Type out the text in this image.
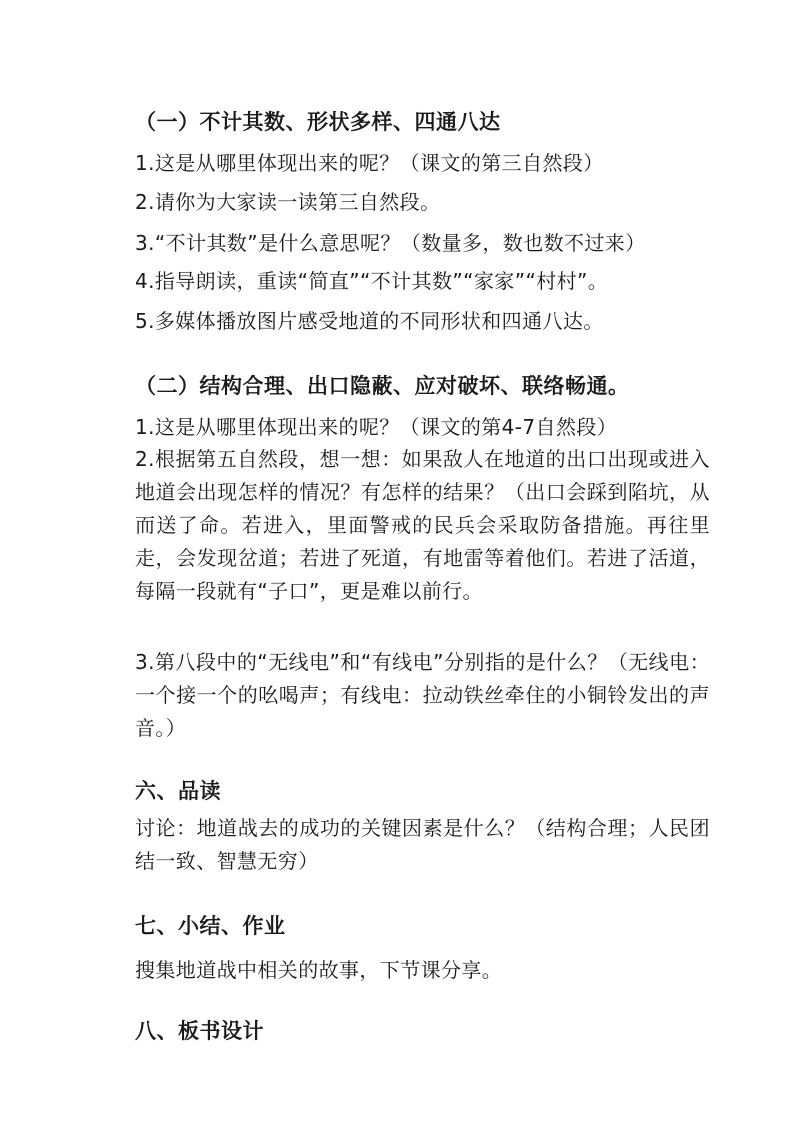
（一）不计其数、形状多样、四通八达
1.这是从哪里体现出来的呢？（课文的第三自然段）
2.请你为大家读一读第三自然段。
3.“不计其数”是什么意思呢？（数量多，数也数不过来）
4.指导朗读，重读“简直”“不计其数”“家家”“村村”。
5.多媒体播放图片感受地道的不同形状和四通八达。
（二）结构合理、出口隐蔽、应对破坏、联络畅通。
1.这是从哪里体现出来的呢？（课文的第4-7自然段）
2.根据第五自然段，想一想：如果敌人在地道的出口出现或进入地道会出现怎样的情况？有怎样的结果？（出口会踩到陷坑，从而送了命。若进入，里面警戒的民兵会采取防备措施。再往里走，会发现岔道；若进了死道，有地雷等着他们。若进了活道，每隔一段就有“子口”，更是难以前行。
3.第八段中的“无线电”和“有线电”分别指的是什么？（无线电：一个接一个的吆喝声；有线电：拉动铁丝牵住的小铜铃发出的声音。）
六、品读
讨论：地道战去的成功的关键因素是什么？（结构合理；人民团结一致、智慧无穷）
七、小结、作业
搜集地道战中相关的故事，下节课分享。
八、板书设计
